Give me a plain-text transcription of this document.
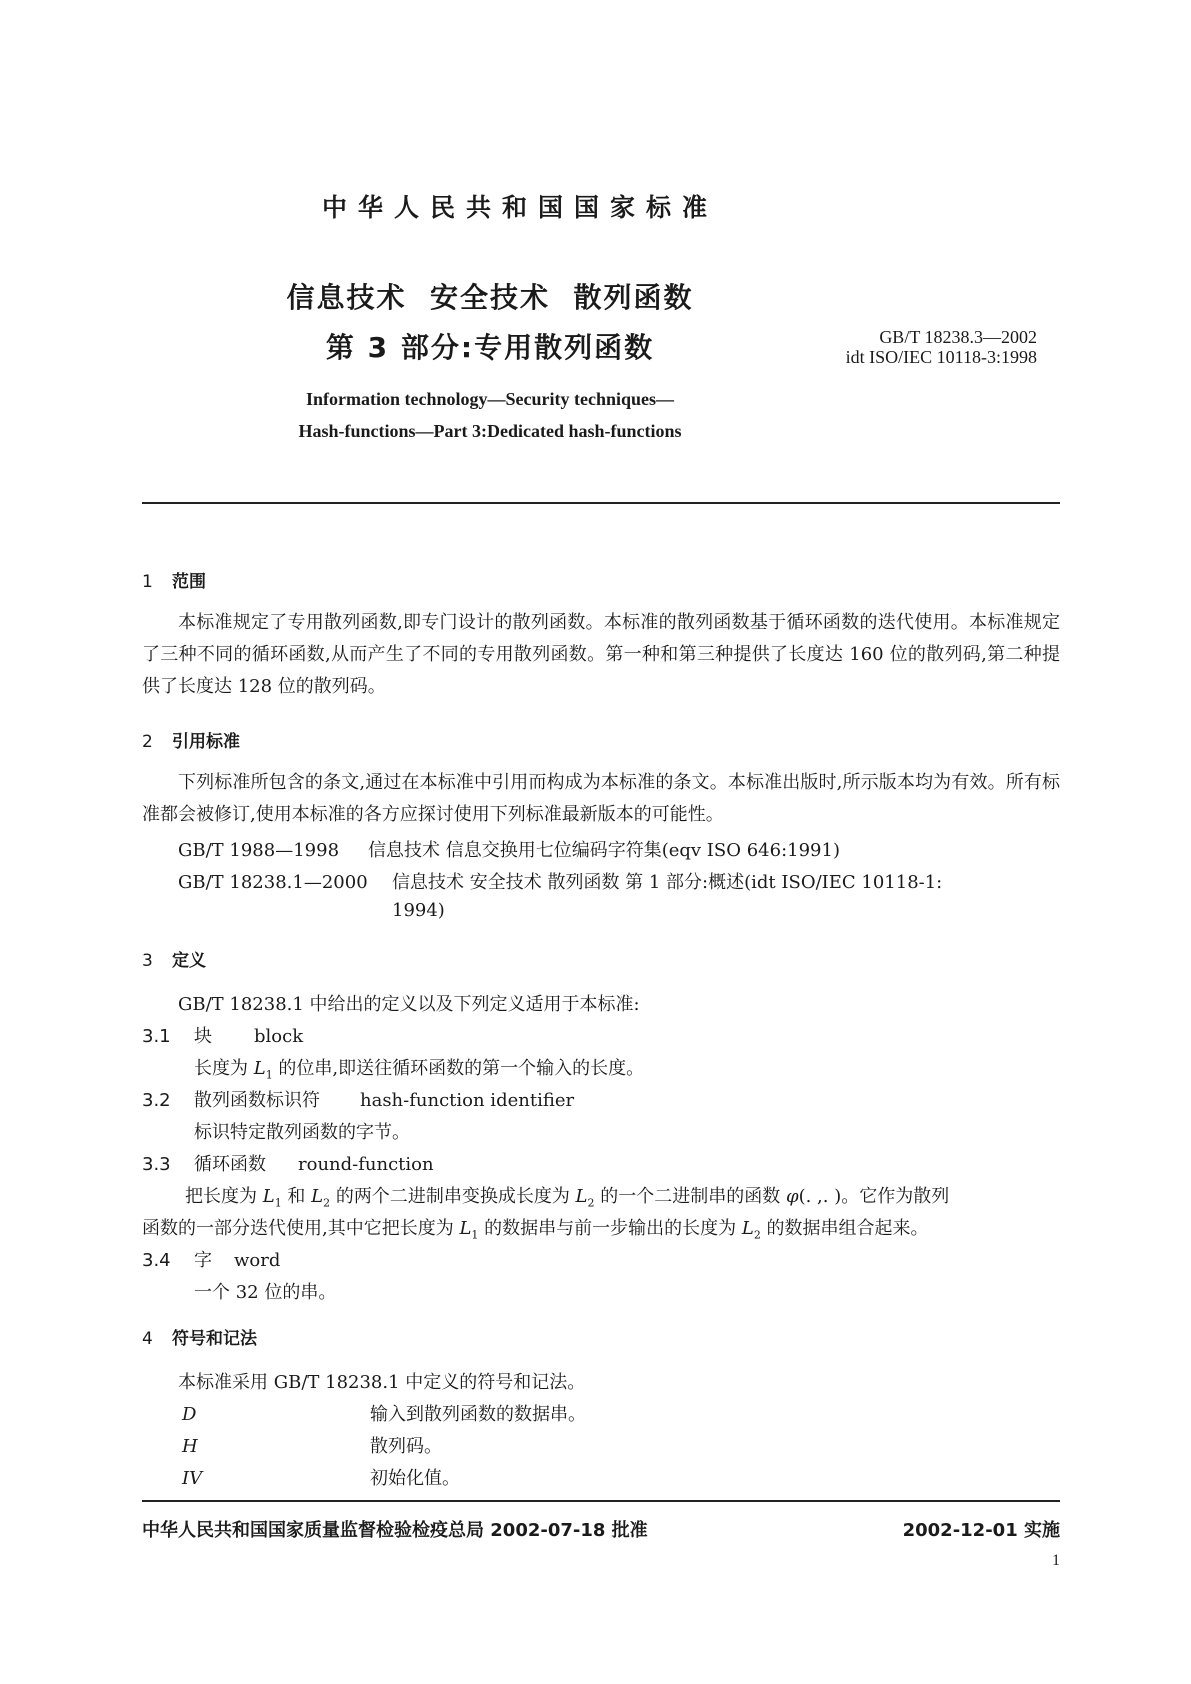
中华人民共和国国家标准
信息技术  安全技术  散列函数
第 3 部分:专用散列函数	GB/T 18238.3—2002
idt ISO/IEC 10118-3:1998
Information technology—Security techniques—
Hash-functions—Part 3:Dedicated hash-functions
1 范围
本标准规定了专用散列函数,即专门设计的散列函数。本标准的散列函数基于循环函数的迭代使用。本标准规定了三种不同的循环函数,从而产生了不同的专用散列函数。第一种和第三种提供了长度达 160 位的散列码,第二种提供了长度达 128 位的散列码。
2 引用标准
下列标准所包含的条文,通过在本标准中引用而构成为本标准的条文。本标准出版时,所示版本均为有效。所有标准都会被修订,使用本标准的各方应探讨使用下列标准最新版本的可能性。
GB/T 1988—1998 信息技术 信息交换用七位编码字符集(eqv ISO 646:1991)
GB/T 18238.1—2000 信息技术 安全技术 散列函数 第 1 部分:概述(idt ISO/IEC 10118-1:
1994)
3 定义
GB/T 18238.1 中给出的定义以及下列定义适用于本标准:
3.1 块 block
长度为 $L_1$ 的位串,即送往循环函数的第一个输入的长度。
3.2 散列函数标识符 hash-function identifier
标识特定散列函数的字节。
3.3 循环函数 round-function
把长度为 $L_1$ 和 $L_2$ 的两个二进制串变换成长度为 $L_2$ 的一个二进制串的函数 φ(. ,. )。它作为散列
函数的一部分迭代使用,其中它把长度为 $L_1$ 的数据串与前一步输出的长度为 $L_2$ 的数据串组合起来。
3.4 字 word
一个 32 位的串。
4 符号和记法
本标准采用 GB/T 18238.1 中定义的符号和记法。
D	输入到散列函数的数据串。
H	散列码。
IV	初始化值。
中华人民共和国国家质量监督检验检疫总局 2002-07-18 批准	2002-12-01 实施
1
